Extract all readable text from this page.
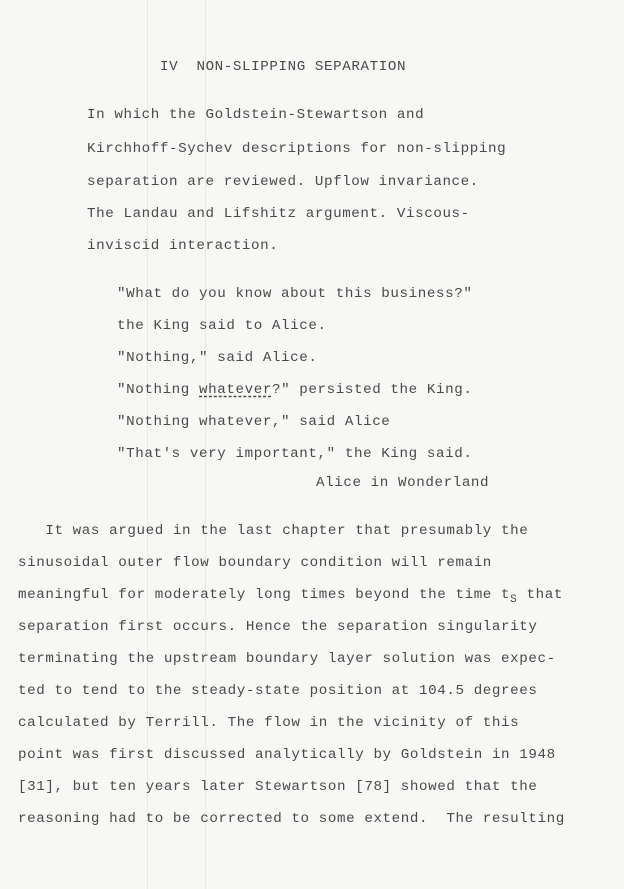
IV  NON-SLIPPING SEPARATION
In which the Goldstein-Stewartson and
Kirchhoff-Sychev descriptions for non-slipping
separation are reviewed. Upflow invariance.
The Landau and Lifshitz argument. Viscous-
inviscid interaction.
"What do you know about this business?"
the King said to Alice.
"Nothing," said Alice.
"Nothing whatever?" persisted the King.
"Nothing whatever," said Alice
"That's very important," the King said.
Alice in Wonderland
It was argued in the last chapter that presumably the
sinusoidal outer flow boundary condition will remain
meaningful for moderately long times beyond the time $t_S$ that
separation first occurs. Hence the separation singularity
terminating the upstream boundary layer solution was expec-
ted to tend to the steady-state position at 104.5 degrees
calculated by Terrill. The flow in the vicinity of this
point was first discussed analytically by Goldstein in 1948
[31], but ten years later Stewartson [78] showed that the
reasoning had to be corrected to some extend.  The resulting
